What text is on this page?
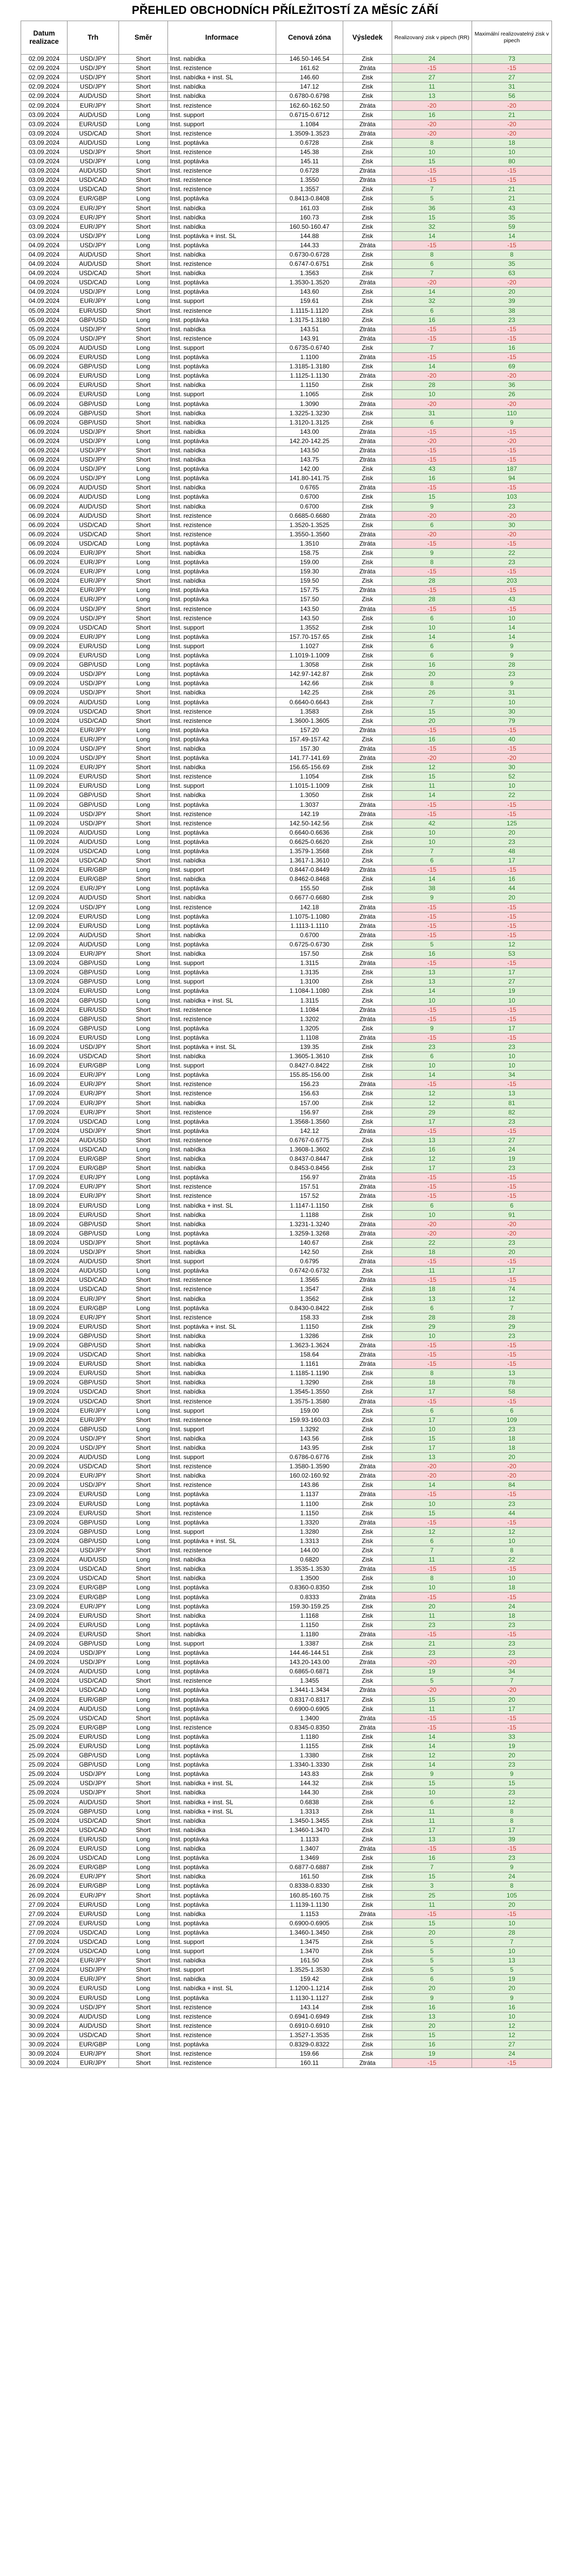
PŘEHLED OBCHODNÍCH PŘÍLEŽITOSTÍ ZA MĚSÍC ZÁŘÍ
Datum realizace	Trh	Směr	Informace	Cenová zóna	Výsledek	Realizovaný zisk v pipech (RR)	Maximální realizovatelný zisk v pipech
02.09.2024	USD/JPY	Short	Inst. nabídka	146.50-146.54	Zisk	24	73
02.09.2024	USD/JPY	Short	Inst. rezistence	161.62	Ztráta	-15	-15
02.09.2024	USD/JPY	Short	Inst. nabídka + inst. SL	146.60	Zisk	27	27
02.09.2024	USD/JPY	Short	Inst. nabídka	147.12	Zisk	11	31
02.09.2024	AUD/USD	Short	Inst. nabídka	0.6780-0.6798	Zisk	13	56
02.09.2024	EUR/JPY	Short	Inst. rezistence	162.60-162.50	Ztráta	-20	-20
03.09.2024	AUD/USD	Long	Inst. support	0.6715-0.6712	Zisk	16	21
03.09.2024	EUR/USD	Long	Inst. support	1.1084	Ztráta	-20	-20
03.09.2024	USD/CAD	Short	Inst. rezistence	1.3509-1.3523	Ztráta	-20	-20
03.09.2024	AUD/USD	Long	Inst. poptávka	0.6728	Zisk	8	18
03.09.2024	USD/JPY	Short	Inst. rezistence	145.38	Zisk	10	10
03.09.2024	USD/JPY	Long	Inst. poptávka	145.11	Zisk	15	80
03.09.2024	AUD/USD	Short	Inst. rezistence	0.6728	Ztráta	-15	-15
03.09.2024	USD/CAD	Short	Inst. rezistence	1.3550	Ztráta	-15	-15
03.09.2024	USD/CAD	Short	Inst. rezistence	1.3557	Zisk	7	21
03.09.2024	EUR/GBP	Long	Inst. poptávka	0.8413-0.8408	Zisk	5	21
03.09.2024	EUR/JPY	Short	Inst. nabídka	161.03	Zisk	36	43
03.09.2024	EUR/JPY	Short	Inst. nabídka	160.73	Zisk	15	35
03.09.2024	EUR/JPY	Short	Inst. nabídka	160.50-160.47	Zisk	32	59
03.09.2024	USD/JPY	Long	Inst. poptávka + inst. SL	144.88	Zisk	14	14
04.09.2024	USD/JPY	Long	Inst. poptávka	144.33	Ztráta	-15	-15
04.09.2024	AUD/USD	Short	Inst. nabídka	0.6730-0.6728	Zisk	8	8
04.09.2024	AUD/USD	Short	Inst. rezistence	0.6747-0.6751	Zisk	6	35
04.09.2024	USD/CAD	Short	Inst. nabídka	1.3563	Zisk	7	63
04.09.2024	USD/CAD	Long	Inst. poptávka	1.3530-1.3520	Ztráta	-20	-20
04.09.2024	USD/JPY	Long	Inst. poptávka	143.60	Zisk	14	20
04.09.2024	EUR/JPY	Long	Inst. support	159.61	Zisk	32	39
05.09.2024	EUR/USD	Short	Inst. rezistence	1.1115-1.1120	Zisk	6	38
05.09.2024	GBP/USD	Long	Inst. poptávka	1.3175-1.3180	Zisk	16	23
05.09.2024	USD/JPY	Short	Inst. nabídka	143.51	Ztráta	-15	-15
05.09.2024	USD/JPY	Short	Inst. rezistence	143.91	Ztráta	-15	-15
05.09.2024	AUD/USD	Long	Inst. support	0.6735-0.6740	Zisk	7	16
06.09.2024	EUR/USD	Long	Inst. poptávka	1.1100	Ztráta	-15	-15
06.09.2024	GBP/USD	Long	Inst. poptávka	1.3185-1.3180	Zisk	14	69
06.09.2024	EUR/USD	Long	Inst. poptávka	1.1125-1.1130	Ztráta	-20	-20
06.09.2024	EUR/USD	Short	Inst. nabídka	1.1150	Zisk	28	36
06.09.2024	EUR/USD	Long	Inst. support	1.1065	Zisk	10	26
06.09.2024	GBP/USD	Long	Inst. poptávka	1.3090	Ztráta	-20	-20
06.09.2024	GBP/USD	Short	Inst. nabídka	1.3225-1.3230	Zisk	31	110
06.09.2024	GBP/USD	Short	Inst. nabídka	1.3120-1.3125	Zisk	6	9
06.09.2024	USD/JPY	Short	Inst. nabídka	143.00	Ztráta	-15	-15
06.09.2024	USD/JPY	Long	Inst. poptávka	142.20-142.25	Ztráta	-20	-20
06.09.2024	USD/JPY	Short	Inst. nabídka	143.50	Ztráta	-15	-15
06.09.2024	USD/JPY	Short	Inst. nabídka	143.75	Ztráta	-15	-15
06.09.2024	USD/JPY	Long	Inst. poptávka	142.00	Zisk	43	187
06.09.2024	USD/JPY	Long	Inst. poptávka	141.80-141.75	Zisk	16	94
06.09.2024	AUD/USD	Short	Inst. nabídka	0.6765	Ztráta	-15	-15
06.09.2024	AUD/USD	Long	Inst. poptávka	0.6700	Zisk	15	103
06.09.2024	AUD/USD	Short	Inst. nabídka	0.6700	Zisk	9	23
06.09.2024	AUD/USD	Short	Inst. rezistence	0.6685-0.6680	Ztráta	-20	-20
06.09.2024	USD/CAD	Short	Inst. rezistence	1.3520-1.3525	Zisk	6	30
06.09.2024	USD/CAD	Short	Inst. rezistence	1.3550-1.3560	Ztráta	-20	-20
06.09.2024	USD/CAD	Long	Inst. poptávka	1.3510	Ztráta	-15	-15
06.09.2024	EUR/JPY	Short	Inst. nabídka	158.75	Zisk	9	22
06.09.2024	EUR/JPY	Long	Inst. poptávka	159.00	Zisk	8	23
06.09.2024	EUR/JPY	Long	Inst. poptávka	159.30	Ztráta	-15	-15
06.09.2024	EUR/JPY	Short	Inst. nabídka	159.50	Zisk	28	203
06.09.2024	EUR/JPY	Long	Inst. poptávka	157.75	Ztráta	-15	-15
06.09.2024	EUR/JPY	Long	Inst. poptávka	157.50	Zisk	28	43
06.09.2024	USD/JPY	Short	Inst. rezistence	143.50	Ztráta	-15	-15
09.09.2024	USD/JPY	Short	Inst. rezistence	143.50	Zisk	6	10
09.09.2024	USD/CAD	Short	Inst. support	1.3552	Zisk	10	14
09.09.2024	EUR/JPY	Long	Inst. poptávka	157.70-157.65	Zisk	14	14
09.09.2024	EUR/USD	Long	Inst. support	1.1027	Zisk	6	9
09.09.2024	EUR/USD	Long	Inst. poptávka	1.1019-1.1009	Zisk	6	9
09.09.2024	GBP/USD	Long	Inst. poptávka	1.3058	Zisk	16	28
09.09.2024	USD/JPY	Long	Inst. poptávka	142.97-142.87	Zisk	20	23
09.09.2024	USD/JPY	Long	Inst. poptávka	142.66	Zisk	8	9
09.09.2024	USD/JPY	Short	Inst. nabídka	142.25	Zisk	26	31
09.09.2024	AUD/USD	Long	Inst. poptávka	0.6640-0.6643	Zisk	7	10
09.09.2024	USD/CAD	Short	Inst. rezistence	1.3583	Zisk	15	30
10.09.2024	USD/CAD	Short	Inst. rezistence	1.3600-1.3605	Zisk	20	79
10.09.2024	EUR/JPY	Long	Inst. poptávka	157.20	Ztráta	-15	-15
10.09.2024	EUR/JPY	Long	Inst. poptávka	157.49-157.42	Zisk	16	40
10.09.2024	USD/JPY	Short	Inst. nabídka	157.30	Ztráta	-15	-15
10.09.2024	USD/JPY	Short	Inst. poptávka	141.77-141.69	Ztráta	-20	-20
11.09.2024	EUR/JPY	Short	Inst. nabídka	156.65-156.69	Zisk	12	30
11.09.2024	EUR/USD	Short	Inst. rezistence	1.1054	Zisk	15	52
11.09.2024	EUR/USD	Long	Inst. support	1.1015-1.1009	Zisk	11	10
11.09.2024	GBP/USD	Short	Inst. nabídka	1.3050	Zisk	14	22
11.09.2024	GBP/USD	Long	Inst. poptávka	1.3037	Ztráta	-15	-15
11.09.2024	USD/JPY	Short	Inst. rezistence	142.19	Ztráta	-15	-15
11.09.2024	USD/JPY	Short	Inst. rezistence	142.50-142.56	Zisk	42	125
11.09.2024	AUD/USD	Long	Inst. poptávka	0.6640-0.6636	Zisk	10	20
11.09.2024	AUD/USD	Long	Inst. poptávka	0.6625-0.6620	Zisk	10	23
11.09.2024	USD/CAD	Long	Inst. poptávka	1.3579-1.3568	Zisk	7	48
11.09.2024	USD/CAD	Short	Inst. nabídka	1.3617-1.3610	Zisk	6	17
11.09.2024	EUR/GBP	Long	Inst. support	0.8447-0.8449	Ztráta	-15	-15
12.09.2024	EUR/GBP	Short	Inst. nabídka	0.8462-0.8468	Zisk	14	16
12.09.2024	EUR/JPY	Long	Inst. poptávka	155.50	Zisk	38	44
12.09.2024	AUD/USD	Short	Inst. nabídka	0.6677-0.6680	Zisk	9	20
12.09.2024	USD/JPY	Long	Inst. rezistence	142.18	Ztráta	-15	-15
12.09.2024	EUR/USD	Long	Inst. poptávka	1.1075-1.1080	Ztráta	-15	-15
12.09.2024	EUR/USD	Long	Inst. poptávka	1.1113-1.1110	Ztráta	-15	-15
12.09.2024	AUD/USD	Short	Inst. nabídka	0.6700	Ztráta	-15	-15
12.09.2024	AUD/USD	Long	Inst. poptávka	0.6725-0.6730	Zisk	5	12
13.09.2024	EUR/JPY	Short	Inst. nabídka	157.50	Zisk	16	53
13.09.2024	GBP/USD	Long	Inst. support	1.3115	Ztráta	-15	-15
13.09.2024	GBP/USD	Long	Inst. poptávka	1.3135	Zisk	13	17
13.09.2024	GBP/USD	Long	Inst. support	1.3100	Zisk	13	27
13.09.2024	EUR/USD	Long	Inst. poptávka	1.1084-1.1080	Zisk	14	19
16.09.2024	GBP/USD	Long	Inst. nabídka + inst. SL	1.3115	Zisk	10	10
16.09.2024	EUR/USD	Short	Inst. rezistence	1.1084	Ztráta	-15	-15
16.09.2024	GBP/USD	Short	Inst. rezistence	1.3202	Ztráta	-15	-15
16.09.2024	GBP/USD	Long	Inst. poptávka	1.3205	Zisk	9	17
16.09.2024	EUR/USD	Long	Inst. poptávka	1.1108	Ztráta	-15	-15
16.09.2024	USD/JPY	Short	Inst. poptávka + inst. SL	139.35	Zisk	23	23
16.09.2024	USD/CAD	Short	Inst. nabídka	1.3605-1.3610	Zisk	6	10
16.09.2024	EUR/GBP	Long	Inst. support	0.8427-0.8422	Zisk	10	10
16.09.2024	EUR/JPY	Long	Inst. poptávka	155.85-156.00	Zisk	14	34
16.09.2024	EUR/JPY	Short	Inst. rezistence	156.23	Ztráta	-15	-15
17.09.2024	EUR/JPY	Short	Inst. rezistence	156.63	Zisk	12	13
17.09.2024	EUR/JPY	Short	Inst. nabídka	157.00	Zisk	12	81
17.09.2024	EUR/JPY	Short	Inst. rezistence	156.97	Zisk	29	82
17.09.2024	USD/CAD	Long	Inst. poptávka	1.3568-1.3560	Zisk	17	23
17.09.2024	USD/JPY	Short	Inst. poptávka	142.12	Ztráta	-15	-15
17.09.2024	AUD/USD	Short	Inst. rezistence	0.6767-0.6775	Zisk	13	27
17.09.2024	USD/CAD	Long	Inst. nabídka	1.3608-1.3602	Zisk	16	24
17.09.2024	EUR/GBP	Short	Inst. nabídka	0.8437-0.8447	Zisk	12	19
17.09.2024	EUR/GBP	Short	Inst. nabídka	0.8453-0.8456	Zisk	17	23
17.09.2024	EUR/JPY	Long	Inst. poptávka	156.97	Ztráta	-15	-15
17.09.2024	EUR/JPY	Short	Inst. rezistence	157.51	Ztráta	-15	-15
18.09.2024	EUR/JPY	Short	Inst. rezistence	157.52	Ztráta	-15	-15
18.09.2024	EUR/USD	Long	Inst. nabídka + inst. SL	1.1147-1.1150	Zisk	6	6
18.09.2024	EUR/USD	Short	Inst. nabídka	1.1188	Zisk	10	91
18.09.2024	GBP/USD	Short	Inst. nabídka	1.3231-1.3240	Ztráta	-20	-20
18.09.2024	GBP/USD	Long	Inst. poptávka	1.3259-1.3268	Ztráta	-20	-20
18.09.2024	USD/JPY	Short	Inst. poptávka	140.67	Zisk	22	23
18.09.2024	USD/JPY	Short	Inst. nabídka	142.50	Zisk	18	20
18.09.2024	AUD/USD	Short	Inst. support	0.6795	Ztráta	-15	-15
18.09.2024	AUD/USD	Long	Inst. poptávka	0.6742-0.6732	Zisk	11	17
18.09.2024	USD/CAD	Short	Inst. rezistence	1.3565	Ztráta	-15	-15
18.09.2024	USD/CAD	Short	Inst. rezistence	1.3547	Zisk	18	74
18.09.2024	EUR/JPY	Short	Inst. nabídka	1.3562	Zisk	13	12
18.09.2024	EUR/GBP	Long	Inst. poptávka	0.8430-0.8422	Zisk	6	7
18.09.2024	EUR/JPY	Short	Inst. rezistence	158.33	Zisk	28	28
19.09.2024	EUR/USD	Short	Inst. poptávka + inst. SL	1.1150	Zisk	29	29
19.09.2024	GBP/USD	Short	Inst. nabídka	1.3286	Zisk	10	23
19.09.2024	GBP/USD	Short	Inst. nabídka	1.3623-1.3624	Ztráta	-15	-15
19.09.2024	USD/CAD	Short	Inst. nabídka	158.64	Ztráta	-15	-15
19.09.2024	EUR/USD	Short	Inst. nabídka	1.1161	Ztráta	-15	-15
19.09.2024	EUR/USD	Short	Inst. nabídka	1.1185-1.1190	Zisk	8	13
19.09.2024	GBP/USD	Short	Inst. nabídka	1.3290	Zisk	18	78
19.09.2024	USD/CAD	Short	Inst. nabídka	1.3545-1.3550	Zisk	17	58
19.09.2024	USD/CAD	Short	Inst. rezistence	1.3575-1.3580	Ztráta	-15	-15
19.09.2024	EUR/JPY	Long	Inst. support	159.00	Zisk	6	6
19.09.2024	EUR/JPY	Short	Inst. rezistence	159.93-160.03	Zisk	17	109
20.09.2024	GBP/USD	Long	Inst. support	1.3292	Zisk	10	23
20.09.2024	USD/JPY	Short	Inst. nabídka	143.56	Zisk	15	18
20.09.2024	USD/JPY	Short	Inst. nabídka	143.95	Zisk	17	18
20.09.2024	AUD/USD	Long	Inst. support	0.6786-0.6776	Zisk	13	20
20.09.2024	USD/CAD	Short	Inst. rezistence	1.3580-1.3590	Ztráta	-20	-20
20.09.2024	EUR/JPY	Short	Inst. nabídka	160.02-160.92	Ztráta	-20	-20
20.09.2024	USD/JPY	Short	Inst. rezistence	143.86	Zisk	14	84
23.09.2024	EUR/USD	Long	Inst. poptávka	1.1137	Ztráta	-15	-15
23.09.2024	EUR/USD	Long	Inst. poptávka	1.1100	Zisk	10	23
23.09.2024	EUR/USD	Short	Inst. rezistence	1.1150	Zisk	15	44
23.09.2024	GBP/USD	Long	Inst. poptávka	1.3320	Ztráta	-15	-15
23.09.2024	GBP/USD	Long	Inst. support	1.3280	Zisk	12	12
23.09.2024	GBP/USD	Long	Inst. poptávka + inst. SL	1.3313	Zisk	6	10
23.09.2024	USD/JPY	Short	Inst. rezistence	144.00	Zisk	7	8
23.09.2024	AUD/USD	Long	Inst. nabídka	0.6820	Zisk	11	22
23.09.2024	USD/CAD	Short	Inst. nabídka	1.3535-1.3530	Ztráta	-15	-15
23.09.2024	USD/CAD	Short	Inst. nabídka	1.3500	Zisk	8	10
23.09.2024	EUR/GBP	Long	Inst. poptávka	0.8360-0.8350	Zisk	10	18
23.09.2024	EUR/GBP	Long	Inst. poptávka	0.8333	Ztráta	-15	-15
23.09.2024	EUR/JPY	Long	Inst. poptávka	159.30-159.25	Zisk	20	24
24.09.2024	EUR/USD	Short	Inst. nabídka	1.1168	Zisk	11	18
24.09.2024	EUR/USD	Long	Inst. poptávka	1.1150	Zisk	23	23
24.09.2024	EUR/USD	Short	Inst. nabídka	1.1180	Ztráta	-15	-15
24.09.2024	GBP/USD	Long	Inst. support	1.3387	Zisk	21	23
24.09.2024	USD/JPY	Long	Inst. poptávka	144.46-144.51	Zisk	23	23
24.09.2024	USD/JPY	Long	Inst. poptávka	143.20-143.00	Ztráta	-20	-20
24.09.2024	AUD/USD	Long	Inst. poptávka	0.6865-0.6871	Zisk	19	34
24.09.2024	USD/CAD	Short	Inst. rezistence	1.3455	Zisk	5	7
24.09.2024	USD/CAD	Long	Inst. poptávka	1.3441-1.3434	Ztráta	-20	-20
24.09.2024	EUR/GBP	Long	Inst. poptávka	0.8317-0.8317	Zisk	15	20
24.09.2024	AUD/USD	Long	Inst. poptávka	0.6900-0.6905	Zisk	11	17
25.09.2024	USD/CAD	Short	Inst. poptávka	1.3400	Ztráta	-15	-15
25.09.2024	EUR/GBP	Long	Inst. rezistence	0.8345-0.8350	Ztráta	-15	-15
25.09.2024	EUR/USD	Long	Inst. poptávka	1.1180	Zisk	14	33
25.09.2024	EUR/USD	Long	Inst. poptávka	1.1155	Zisk	14	19
25.09.2024	GBP/USD	Long	Inst. poptávka	1.3380	Zisk	12	20
25.09.2024	GBP/USD	Long	Inst. poptávka	1.3340-1.3330	Zisk	14	23
25.09.2024	USD/JPY	Long	Inst. poptávka	143.83	Zisk	9	9
25.09.2024	USD/JPY	Short	Inst. nabídka + inst. SL	144.32	Zisk	15	15
25.09.2024	USD/JPY	Short	Inst. nabídka	144.30	Zisk	10	23
25.09.2024	AUD/USD	Short	Inst. nabídka + inst. SL	0.6838	Zisk	6	12
25.09.2024	GBP/USD	Long	Inst. nabídka + inst. SL	1.3313	Zisk	11	8
25.09.2024	USD/CAD	Short	Inst. nabídka	1.3450-1.3455	Zisk	11	8
25.09.2024	USD/CAD	Short	Inst. nabídka	1.3460-1.3470	Zisk	17	17
26.09.2024	EUR/USD	Long	Inst. poptávka	1.1133	Zisk	13	39
26.09.2024	EUR/USD	Long	Inst. nabídka	1.3407	Ztráta	-15	-15
26.09.2024	USD/CAD	Long	Inst. poptávka	1.3469	Zisk	16	23
26.09.2024	EUR/GBP	Long	Inst. poptávka	0.6877-0.6887	Zisk	7	9
26.09.2024	EUR/JPY	Short	Inst. nabídka	161.50	Zisk	15	24
26.09.2024	EUR/GBP	Long	Inst. poptávka	0.8338-0.8330	Zisk	3	8
26.09.2024	EUR/JPY	Short	Inst. poptávka	160.85-160.75	Zisk	25	105
27.09.2024	EUR/USD	Long	Inst. poptávka	1.1139-1.1130	Zisk	11	20
27.09.2024	EUR/USD	Long	Inst. nabídka	1.1153	Ztráta	-15	-15
27.09.2024	EUR/USD	Long	Inst. poptávka	0.6900-0.6905	Zisk	15	10
27.09.2024	USD/CAD	Long	Inst. poptávka	1.3460-1.3450	Zisk	20	28
27.09.2024	USD/CAD	Long	Inst. support	1.3475	Zisk	5	7
27.09.2024	USD/CAD	Long	Inst. support	1.3470	Zisk	5	10
27.09.2024	EUR/JPY	Short	Inst. nabídka	161.50	Zisk	5	13
27.09.2024	USD/JPY	Short	Inst. support	1.3525-1.3530	Zisk	5	5
30.09.2024	EUR/JPY	Short	Inst. nabídka	159.42	Zisk	6	19
30.09.2024	EUR/USD	Long	Inst. nabídka + inst. SL	1.1200-1.1214	Zisk	20	20
30.09.2024	EUR/USD	Long	Inst. poptávka	1.1130-1.1127	Zisk	9	9
30.09.2024	USD/JPY	Short	Inst. rezistence	143.14	Zisk	16	16
30.09.2024	AUD/USD	Long	Inst. rezistence	0.6941-0.6949	Zisk	13	10
30.09.2024	AUD/USD	Short	Inst. rezistence	0.6910-0.6910	Zisk	20	12
30.09.2024	USD/CAD	Short	Inst. rezistence	1.3527-1.3535	Zisk	15	12
30.09.2024	EUR/GBP	Long	Inst. poptávka	0.8329-0.8322	Zisk	16	27
30.09.2024	EUR/JPY	Short	Inst. rezistence	159.66	Zisk	19	24
30.09.2024	EUR/JPY	Short	Inst. rezistence	160.11	Ztráta	-15	-15
